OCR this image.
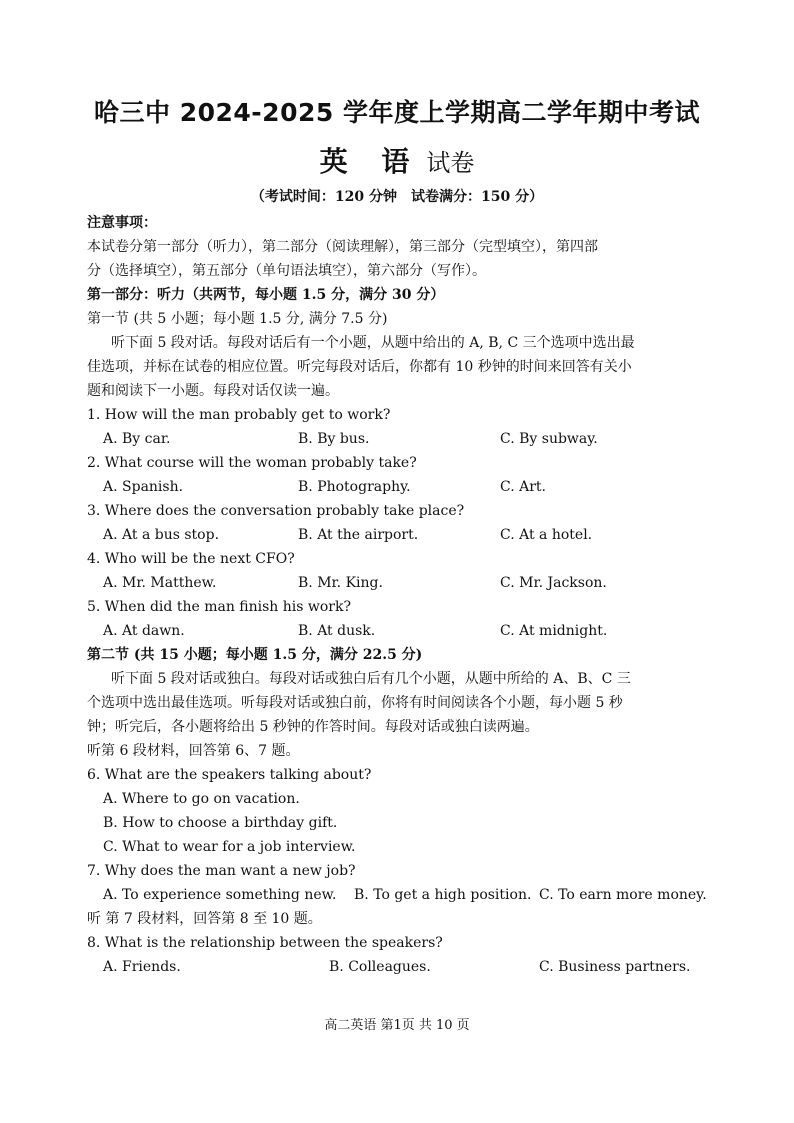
哈三中 2024-2025 学年度上学期高二学年期中考试
英 语 试卷
（考试时间：120 分钟　试卷满分：150 分）
注意事项：
本试卷分第一部分（听力），第二部分（阅读理解），第三部分（完型填空），第四部
分（选择填空），第五部分（单句语法填空），第六部分（写作）。
第一部分：听力（共两节，每小题 1.5 分，满分 30 分）
第一节 (共 5 小题；每小题 1.5 分, 满分 7.5 分)
听下面 5 段对话。每段对话后有一个小题，从题中给出的 A, B, C 三个选项中选出最
佳选项，并标在试卷的相应位置。听完每段对话后，你都有 10 秒钟的时间来回答有关小
题和阅读下一小题。每段对话仅读一遍。
1. How will the man probably get to work?
A. By car.	B. By bus.	C. By subway.
2. What course will the woman probably take?
A. Spanish.	B. Photography.	C. Art.
3. Where does the conversation probably take place?
A. At a bus stop.	B. At the airport.	C. At a hotel.
4. Who will be the next CFO?
A. Mr. Matthew.	B. Mr. King.	C. Mr. Jackson.
5. When did the man finish his work?
A. At dawn.	B. At dusk.	C. At midnight.
第二节 (共 15 小题；每小题 1.5 分，满分 22.5 分)
听下面 5 段对话或独白。每段对话或独白后有几个小题，从题中所给的 A、B、C 三
个选项中选出最佳选项。听每段对话或独白前，你将有时间阅读各个小题，每小题 5 秒
钟；听完后，各小题将给出 5 秒钟的作答时间。每段对话或独白读两遍。
听第 6 段材料，回答第 6、7 题。
6. What are the speakers talking about?
A. Where to go on vacation.
B. How to choose a birthday gift.
C. What to wear for a job interview.
7. Why does the man want a new job?
A. To experience something new. B. To get a high position. C. To earn more money.
听 第 7 段材料，回答第 8 至 10 题。
8. What is the relationship between the speakers?
A. Friends.	B. Colleagues.	C. Business partners.
高二英语 第1页 共 10 页
